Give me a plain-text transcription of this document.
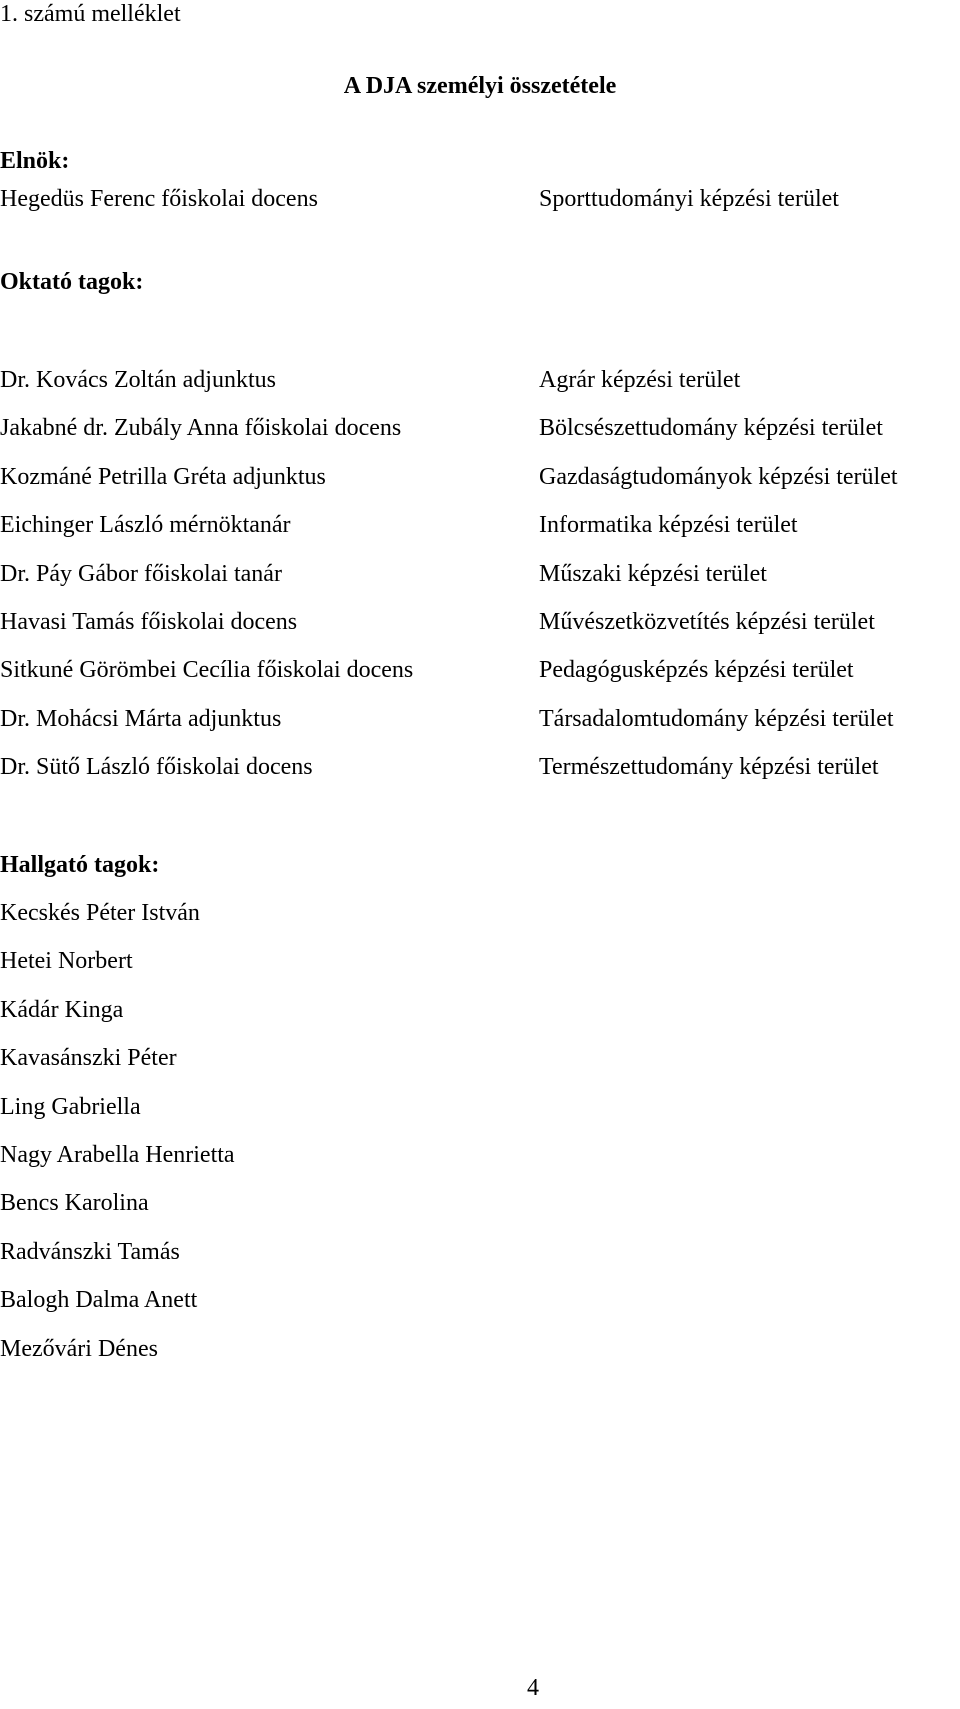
1. számú melléklet
A DJA személyi összetétele
Elnök:
Hegedüs Ferenc főiskolai docens	Sporttudományi képzési terület
Oktató tagok:
Dr. Kovács Zoltán adjunktus
Jakabné dr. Zubály Anna főiskolai docens
Kozmáné Petrilla Gréta adjunktus
Eichinger László mérnöktanár
Dr. Páy Gábor főiskolai tanár
Havasi Tamás főiskolai docens
Sitkuné Görömbei Cecília főiskolai docens
Dr. Mohácsi Márta adjunktus
Dr. Sütő László főiskolai docens
Agrár képzési terület
Bölcsészettudomány képzési terület
Gazdaságtudományok képzési terület
Informatika képzési terület
Műszaki képzési terület
Művészetközvetítés képzési terület
Pedagógusképzés képzési terület
Társadalomtudomány képzési terület
Természettudomány képzési terület
Hallgató tagok:
Kecskés Péter István
Hetei Norbert
Kádár Kinga
Kavasánszki Péter
Ling Gabriella
Nagy Arabella Henrietta
Bencs Karolina
Radvánszki Tamás
Balogh Dalma Anett
Mezővári Dénes
4
